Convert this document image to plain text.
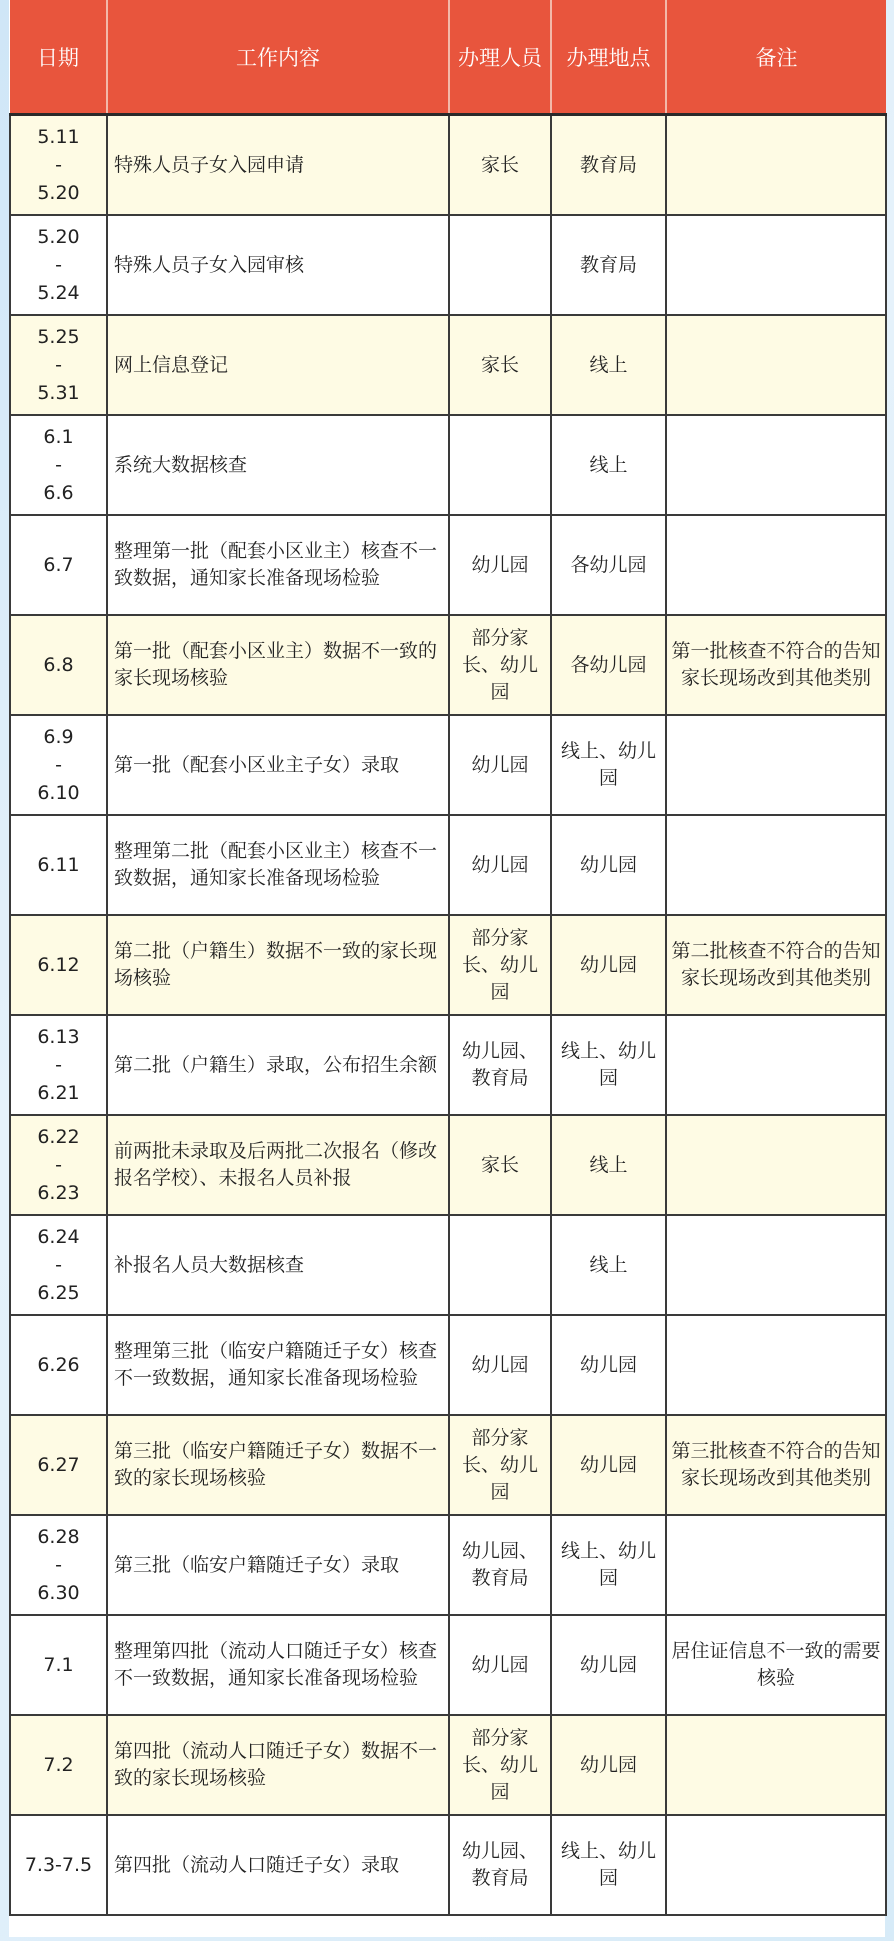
日期	工作内容	办理人员	办理地点	备注

5.11
-
5.20	特殊人员子女入园申请	家长	教育局	

5.20
-
5.24	特殊人员子女入园审核		教育局	

5.25
-
5.31	网上信息登记	家长	线上	

6.1
-
6.6	系统大数据核查		线上	

6.7	整理第一批（配套小区业主）核查不一致数据，通知家长准备现场检验	幼儿园	各幼儿园	

6.8	第一批（配套小区业主）数据不一致的家长现场核验	部分家长、幼儿园	各幼儿园	第一批核查不符合的告知家长现场改到其他类别

6.9
-
6.10	第一批（配套小区业主子女）录取	幼儿园	线上、幼儿园	

6.11	整理第二批（配套小区业主）核查不一致数据，通知家长准备现场检验	幼儿园	幼儿园	

6.12	第二批（户籍生）数据不一致的家长现场核验	部分家长、幼儿园	幼儿园	第二批核查不符合的告知家长现场改到其他类别

6.13
-
6.21	第二批（户籍生）录取，公布招生余额	幼儿园、教育局	线上、幼儿园	

6.22
-
6.23	前两批未录取及后两批二次报名（修改报名学校）、未报名人员补报	家长	线上	

6.24
-
6.25	补报名人员大数据核查		线上	

6.26	整理第三批（临安户籍随迁子女）核查不一致数据，通知家长准备现场检验	幼儿园	幼儿园	

6.27	第三批（临安户籍随迁子女）数据不一致的家长现场核验	部分家长、幼儿园	幼儿园	第三批核查不符合的告知家长现场改到其他类别

6.28
-
6.30	第三批（临安户籍随迁子女）录取	幼儿园、教育局	线上、幼儿园	

7.1	整理第四批（流动人口随迁子女）核查不一致数据，通知家长准备现场检验	幼儿园	幼儿园	居住证信息不一致的需要核验

7.2	第四批（流动人口随迁子女）数据不一致的家长现场核验	部分家长、幼儿园	幼儿园	

7.3-7.5	第四批（流动人口随迁子女）录取	幼儿园、教育局	线上、幼儿园	
